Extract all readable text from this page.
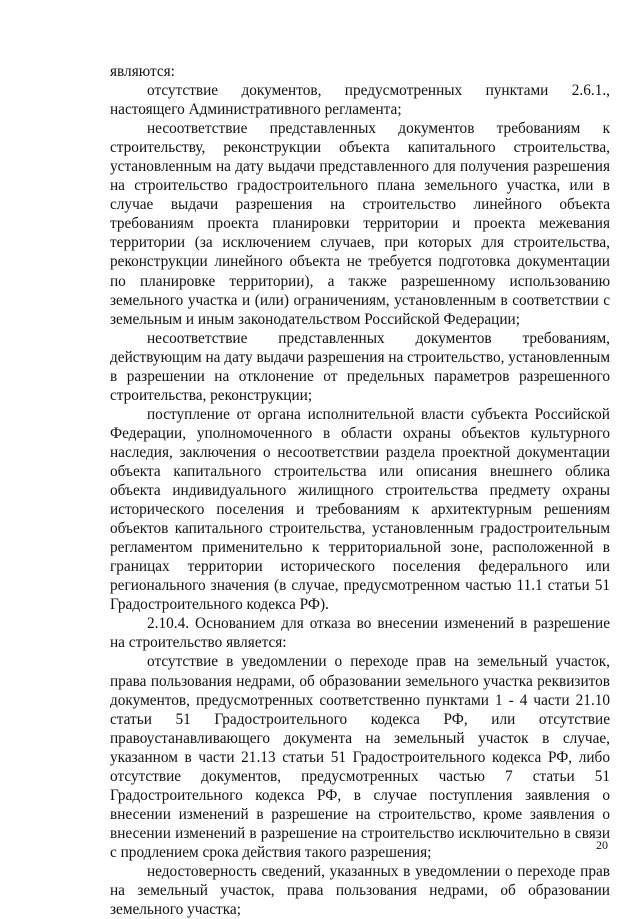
являются:

отсутствие документов, предусмотренных пунктами 2.6.1., настоящего Административного регламента;

несоответствие представленных документов требованиям к строительству, реконструкции объекта капитального строительства, установленным на дату выдачи представленного для получения разрешения на строительство градостроительного плана земельного участка, или в случае выдачи разрешения на строительство линейного объекта требованиям проекта планировки территории и проекта межевания территории (за исключением случаев, при которых для строительства, реконструкции линейного объекта не требуется подготовка документации по планировке территории), а также разрешенному использованию земельного участка и (или) ограничениям, установленным в соответствии с земельным и иным законодательством Российской Федерации;

несоответствие представленных документов требованиям, действующим на дату выдачи разрешения на строительство, установленным в разрешении на отклонение от предельных параметров разрешенного строительства, реконструкции;

поступление от органа исполнительной власти субъекта Российской Федерации, уполномоченного в области охраны объектов культурного наследия, заключения о несоответствии раздела проектной документации объекта капитального строительства или описания внешнего облика объекта индивидуального жилищного строительства предмету охраны исторического поселения и требованиям к архитектурным решениям объектов капитального строительства, установленным градостроительным регламентом применительно к территориальной зоне, расположенной в границах территории исторического поселения федерального или регионального значения (в случае, предусмотренном частью 11.1 статьи 51 Градостроительного кодекса РФ).

2.10.4. Основанием для отказа во внесении изменений в разрешение на строительство является:

отсутствие в уведомлении о переходе прав на земельный участок, права пользования недрами, об образовании земельного участка реквизитов документов, предусмотренных соответственно пунктами 1 - 4 части 21.10 статьи 51 Градостроительного кодекса РФ, или отсутствие правоустанавливающего документа на земельный участок в случае, указанном в части 21.13 статьи 51 Градостроительного кодекса РФ, либо отсутствие документов, предусмотренных частью 7 статьи 51 Градостроительного кодекса РФ, в случае поступления заявления о внесении изменений в разрешение на строительство, кроме заявления о внесении изменений в разрешение на строительство исключительно в связи с продлением срока действия такого разрешения;

недостоверность сведений, указанных в уведомлении о переходе прав на земельный участок, права пользования недрами, об образовании земельного участка;

20
